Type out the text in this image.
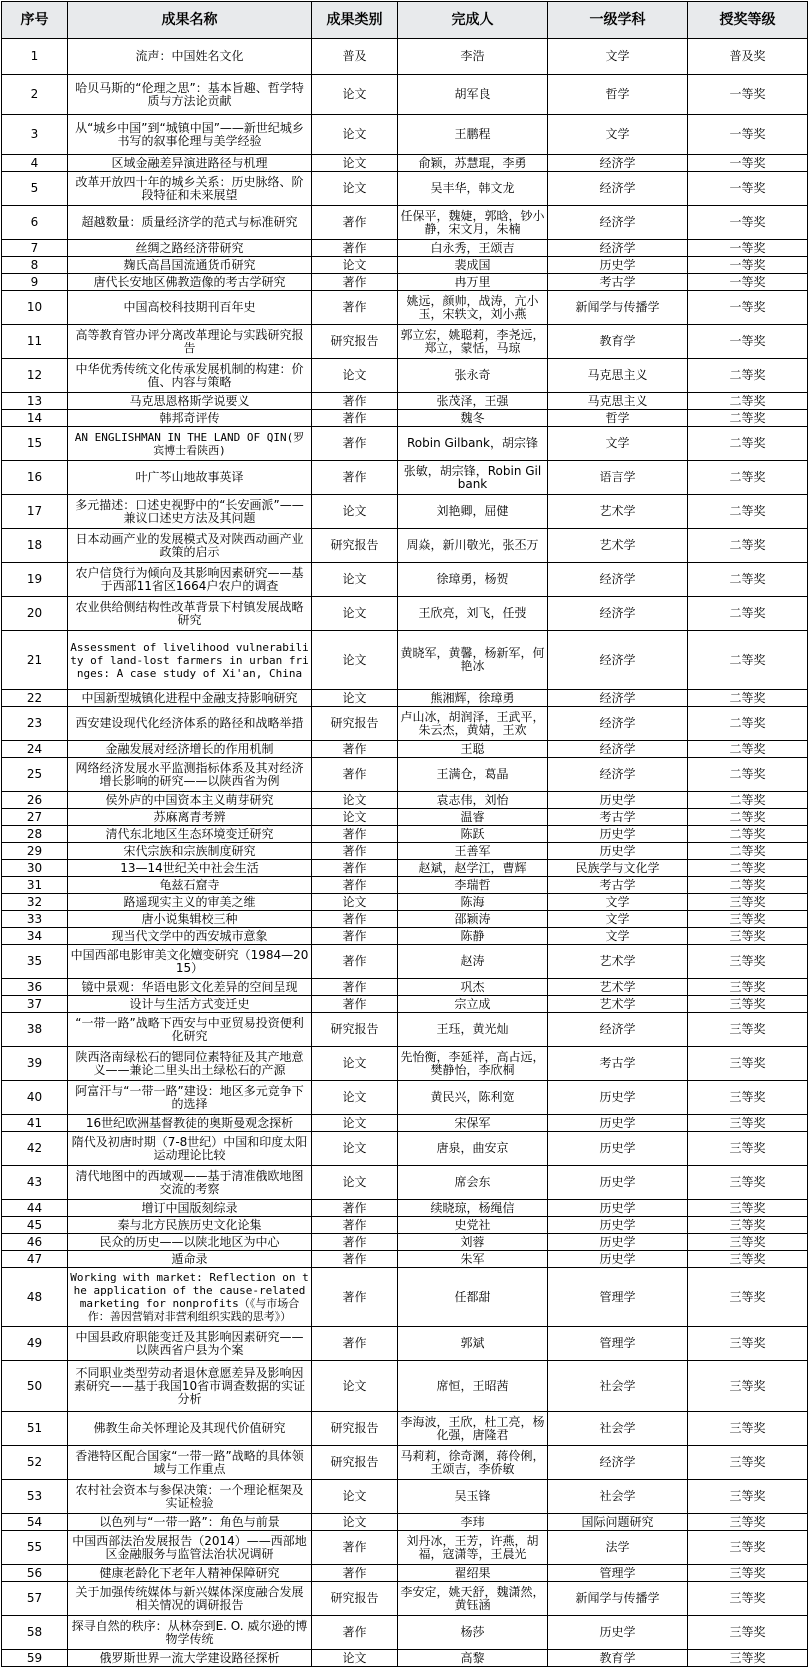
序号	成果名称	成果类别	完成人	一级学科	授奖等级
1	流声：中国姓名文化	普及	李浩	文学	普及奖
2	哈贝马斯的“伦理之思”：基本旨趣、哲学特质与方法论贡献	论文	胡军良	哲学	一等奖
3	从“城乡中国”到“城镇中国”——新世纪城乡书写的叙事伦理与美学经验	论文	王鹏程	文学	一等奖
4	区域金融差异演进路径与机理	论文	俞颖，苏慧琨，李勇	经济学	一等奖
5	改革开放四十年的城乡关系：历史脉络、阶段特征和未来展望	论文	吴丰华，韩文龙	经济学	一等奖
6	超越数量：质量经济学的范式与标准研究	著作	任保平，魏婕，郭晗，钞小静，宋文月，朱楠	经济学	一等奖
7	丝绸之路经济带研究	著作	白永秀，王颂吉	经济学	一等奖
8	麹氏高昌国流通货币研究	论文	裴成国	历史学	一等奖
9	唐代长安地区佛教造像的考古学研究	著作	冉万里	考古学	一等奖
10	中国高校科技期刊百年史	著作	姚远，颜帅，战涛，亢小玉，宋轶文，刘小燕	新闻学与传播学	一等奖
11	高等教育管办评分离改革理论与实践研究报告	研究报告	郭立宏，姚聪莉，李尧远，郑立，蒙恬，马琼	教育学	一等奖
12	中华优秀传统文化传承发展机制的构建：价值、内容与策略	论文	张永奇	马克思主义	二等奖
13	马克思恩格斯学说要义	著作	张茂泽，王强	马克思主义	二等奖
14	韩邦奇评传	著作	魏冬	哲学	二等奖
15	AN ENGLISHMAN IN THE LAND OF QIN(罗宾博士看陕西)	著作	Robin Gilbank，胡宗锋	文学	二等奖
16	叶广芩山地故事英译	著作	张敏，胡宗锋，Robin Gilbank	语言学	二等奖
17	多元描述：口述史视野中的“长安画派”——兼议口述史方法及其问题	论文	刘艳卿，屈健	艺术学	二等奖
18	日本动画产业的发展模式及对陕西动画产业政策的启示	研究报告	周焱，新川敬光，张丕万	艺术学	二等奖
19	农户信贷行为倾向及其影响因素研究——基于西部11省区1664户农户的调查	论文	徐璋勇，杨贺	经济学	二等奖
20	农业供给侧结构性改革背景下村镇发展战略研究	论文	王欣亮，刘飞，任弢	经济学	二等奖
21	Assessment of livelihood vulnerability of land-lost farmers in urban fringes: A case study of Xi'an, China	论文	黄晓军，黄馨，杨新军，何艳冰	经济学	二等奖
22	中国新型城镇化进程中金融支持影响研究	论文	熊湘辉，徐璋勇	经济学	二等奖
23	西安建设现代化经济体系的路径和战略举措	研究报告	卢山冰，胡润泽，王武平，朱云杰，黄婧，王欢	经济学	二等奖
24	金融发展对经济增长的作用机制	著作	王聪	经济学	二等奖
25	网络经济发展水平监测指标体系及其对经济增长影响的研究——以陕西省为例	著作	王满仓，葛晶	经济学	二等奖
26	侯外庐的中国资本主义萌芽研究	论文	袁志伟，刘怡	历史学	二等奖
27	苏麻离青考辨	论文	温睿	考古学	二等奖
28	清代东北地区生态环境变迁研究	著作	陈跃	历史学	二等奖
29	宋代宗族和宗族制度研究	著作	王善军	历史学	二等奖
30	13—14世纪关中社会生活	著作	赵斌，赵学江，曹辉	民族学与文化学	二等奖
31	龟兹石窟寺	著作	李瑞哲	考古学	二等奖
32	路遥现实主义的审美之维	论文	陈海	文学	三等奖
33	唐小说集辑校三种	著作	邵颖涛	文学	三等奖
34	现当代文学中的西安城市意象	著作	陈静	文学	三等奖
35	中国西部电影审美文化嬗变研究（1984—2015）	著作	赵涛	艺术学	三等奖
36	镜中景观：华语电影文化差异的空间呈现	著作	巩杰	艺术学	三等奖
37	设计与生活方式变迁史	著作	宗立成	艺术学	三等奖
38	“一带一路”战略下西安与中亚贸易投资便利化研究	研究报告	王珏，黄光灿	经济学	三等奖
39	陕西洛南绿松石的锶同位素特征及其产地意义——兼论二里头出土绿松石的产源	论文	先怡衡，李延祥，高占远，樊静怡，李欣桐	考古学	三等奖
40	阿富汗与“一带一路”建设：地区多元竞争下的选择	论文	黄民兴，陈利宽	历史学	三等奖
41	16世纪欧洲基督教徒的奥斯曼观念探析	论文	宋保军	历史学	三等奖
42	隋代及初唐时期（7-8世纪）中国和印度太阳运动理论比较	论文	唐泉，曲安京	历史学	三等奖
43	清代地图中的西域观——基于清准俄欧地图交流的考察	论文	席会东	历史学	三等奖
44	增订中国版刻综录	著作	续晓琼，杨绳信	历史学	三等奖
45	秦与北方民族历史文化论集	著作	史党社	历史学	三等奖
46	民众的历史——以陕北地区为中心	著作	刘蓉	历史学	三等奖
47	遁命录	著作	朱军	历史学	三等奖
48	Working with market: Reflection on the application of the cause-related marketing for nonprofits（《与市场合作：善因营销对非营利组织实践的思考》）	著作	任都甜	管理学	三等奖
49	中国县政府职能变迁及其影响因素研究——以陕西省户县为个案	著作	郭斌	管理学	三等奖
50	不同职业类型劳动者退休意愿差异及影响因素研究——基于我国10省市调查数据的实证分析	论文	席恒，王昭茜	社会学	三等奖
51	佛教生命关怀理论及其现代价值研究	研究报告	李海波，王欣，杜工亮，杨化强，唐隆君	社会学	三等奖
52	香港特区配合国家“一带一路”战略的具体领域与工作重点	研究报告	马莉莉，徐奇渊，蒋伶俐，王颂吉，李侨敏	经济学	三等奖
53	农村社会资本与参保决策：一个理论框架及实证检验	论文	吴玉锋	社会学	三等奖
54	以色列与“一带一路”：角色与前景	论文	李玮	国际问题研究	三等奖
55	中国西部法治发展报告（2014）——西部地区金融服务与监管法治状况调研	著作	刘丹冰，王芳，许燕，胡福，寇潇等，王晨光	法学	三等奖
56	健康老龄化下老年人精神保障研究	著作	翟绍果	管理学	三等奖
57	关于加强传统媒体与新兴媒体深度融合发展相关情况的调研报告	研究报告	李安定，姚天舒，魏潇然，黄钰涵	新闻学与传播学	三等奖
58	探寻自然的秩序：从林奈到E. O. 威尔逊的博物学传统	著作	杨莎	历史学	三等奖
59	俄罗斯世界一流大学建设路径探析	论文	高黎	教育学	三等奖
